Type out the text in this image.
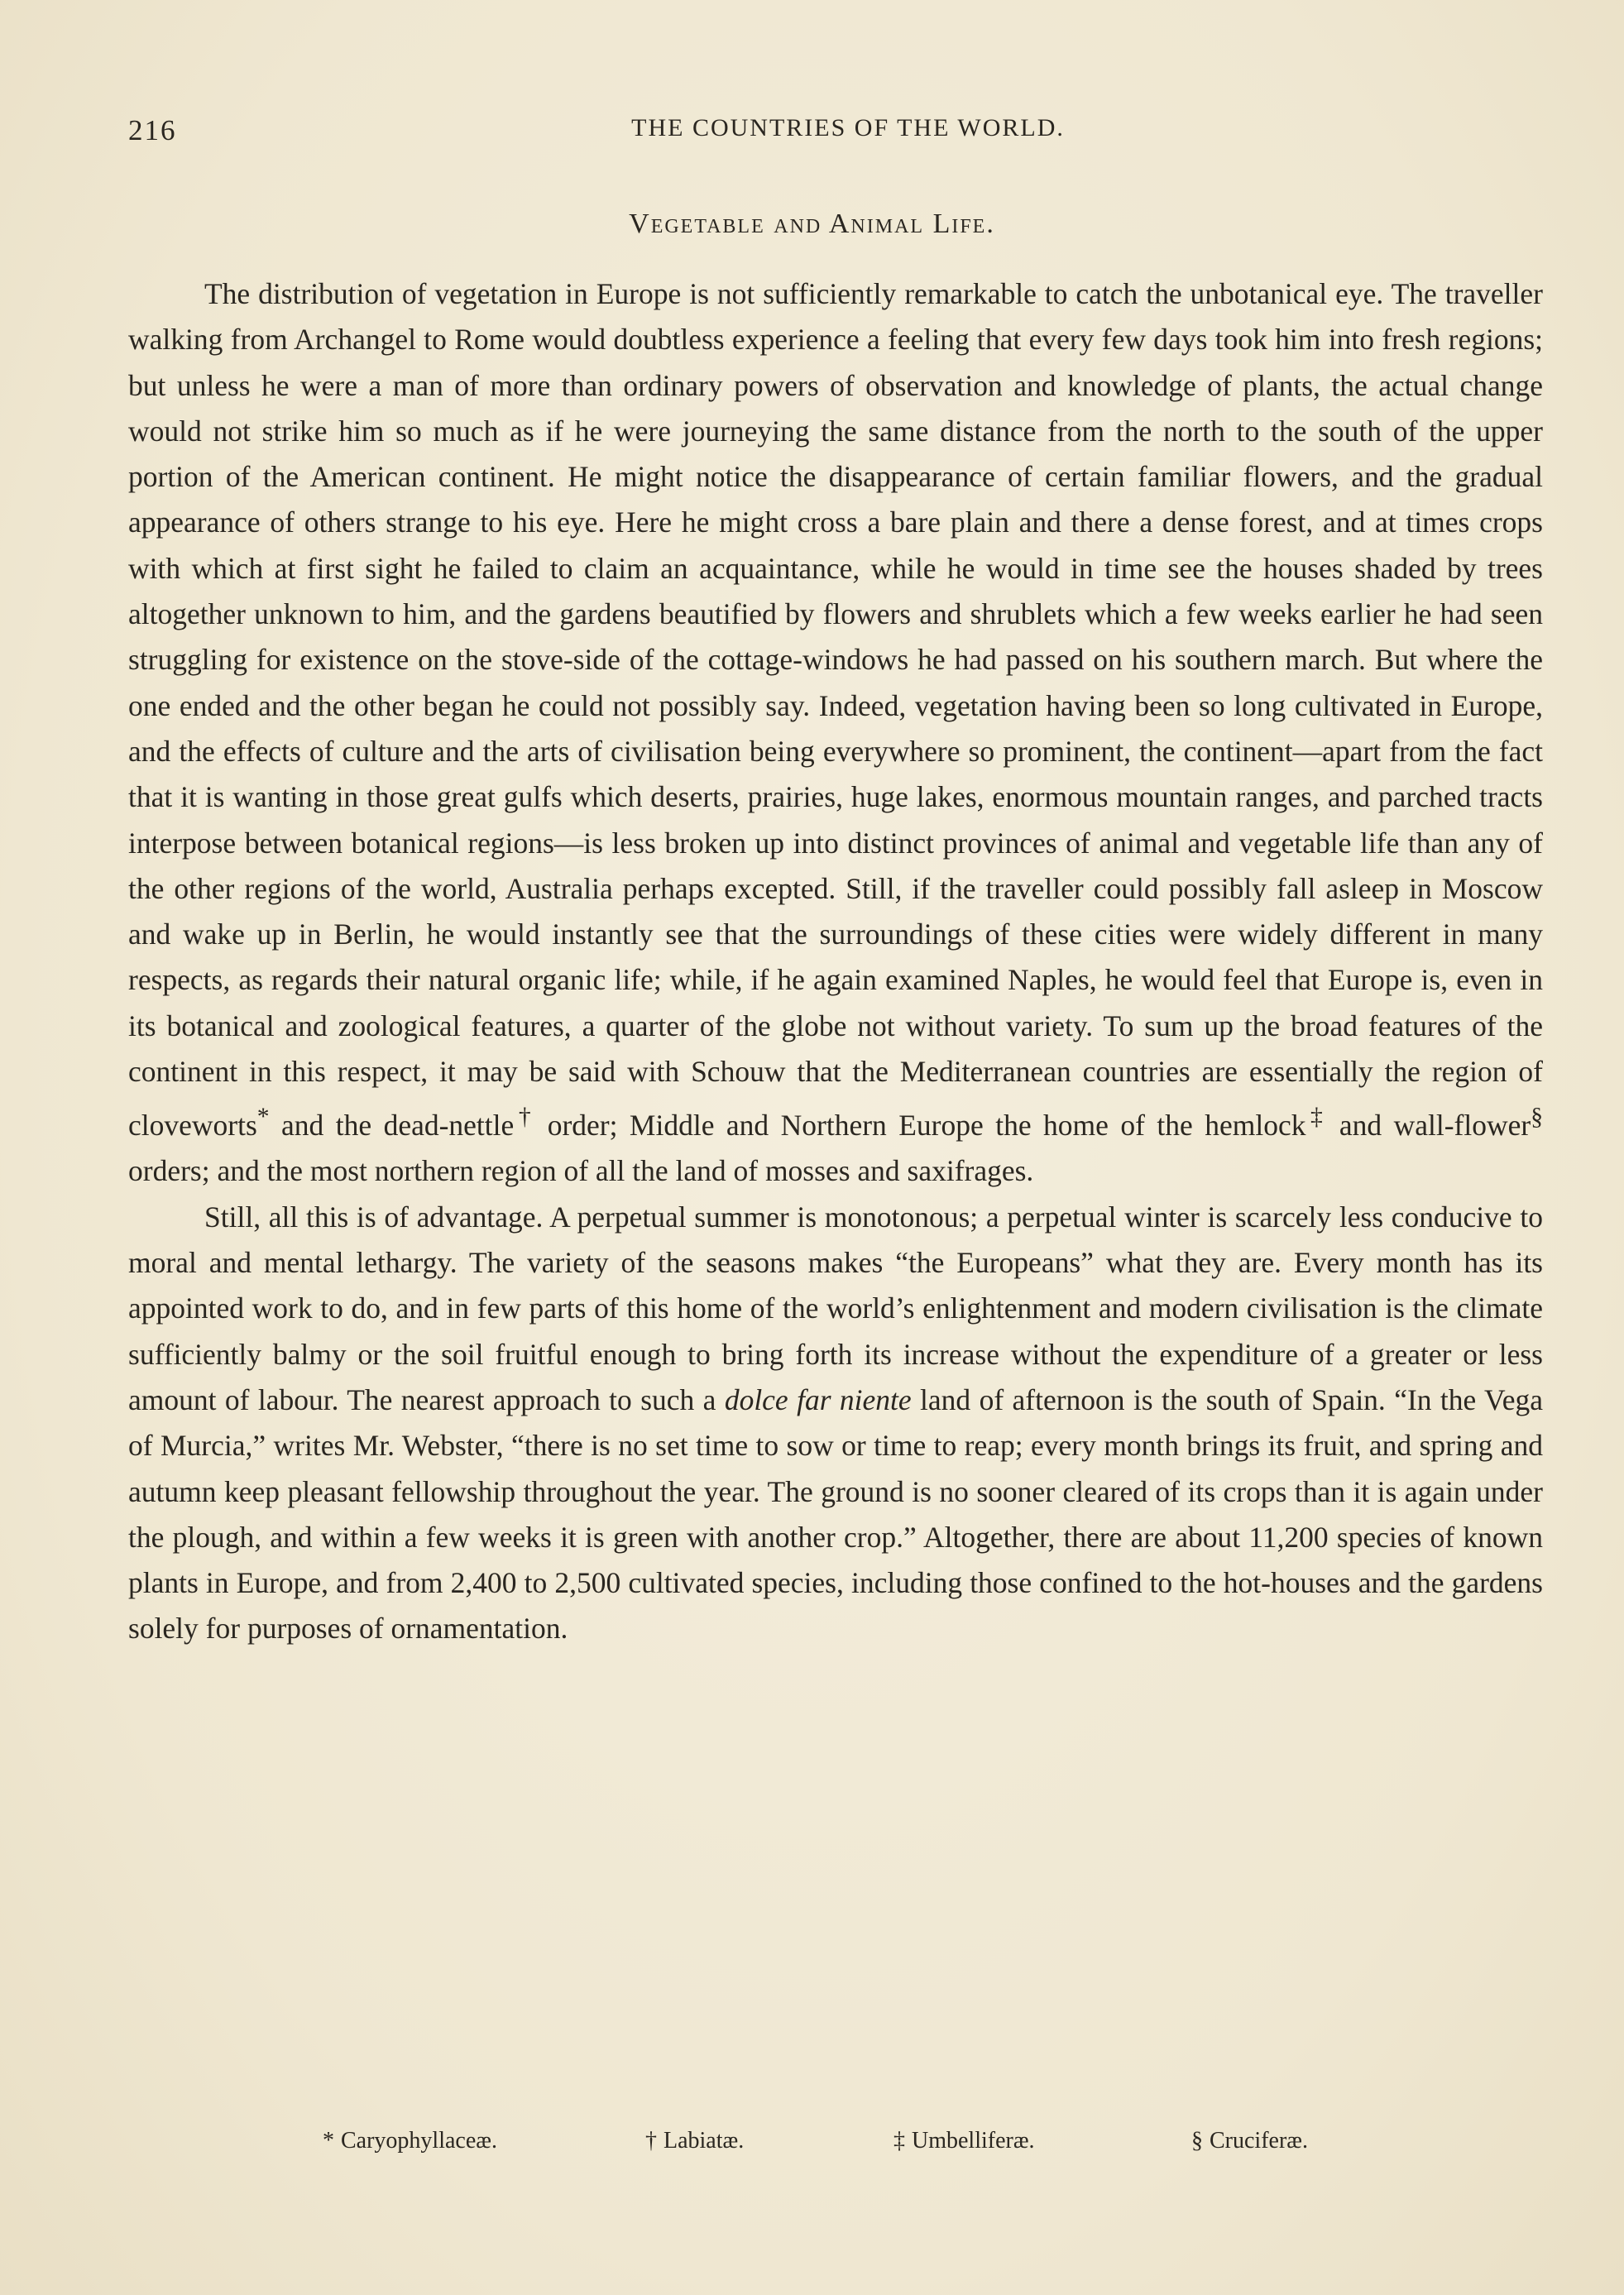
216	THE COUNTRIES OF THE WORLD.
Vegetable and Animal Life.

The distribution of vegetation in Europe is not sufficiently remarkable to catch the unbotanical eye. The traveller walking from Archangel to Rome would doubtless experience a feeling that every few days took him into fresh regions; but unless he were a man of more than ordinary powers of observation and knowledge of plants, the actual change would not strike him so much as if he were journeying the same distance from the north to the south of the upper portion of the American continent. He might notice the disappearance of certain familiar flowers, and the gradual appearance of others strange to his eye. Here he might cross a bare plain and there a dense forest, and at times crops with which at first sight he failed to claim an acquaintance, while he would in time see the houses shaded by trees altogether unknown to him, and the gardens beautified by flowers and shrublets which a few weeks earlier he had seen struggling for existence on the stove-side of the cottage-windows he had passed on his southern march. But where the one ended and the other began he could not possibly say. Indeed, vegetation having been so long cultivated in Europe, and the effects of culture and the arts of civilisation being everywhere so prominent, the continent—apart from the fact that it is wanting in those great gulfs which deserts, prairies, huge lakes, enormous mountain ranges, and parched tracts interpose between botanical regions—is less broken up into distinct provinces of animal and vegetable life than any of the other regions of the world, Australia perhaps excepted. Still, if the traveller could possibly fall asleep in Moscow and wake up in Berlin, he would instantly see that the surroundings of these cities were widely different in many respects, as regards their natural organic life; while, if he again examined Naples, he would feel that Europe is, even in its botanical and zoological features, a quarter of the globe not without variety. To sum up the broad features of the continent in this respect, it may be said with Schouw that the Mediterranean countries are essentially the region of cloveworts* and the dead-nettle† order; Middle and Northern Europe the home of the hemlock‡ and wall-flower§ orders; and the most northern region of all the land of mosses and saxifrages.

Still, all this is of advantage. A perpetual summer is monotonous; a perpetual winter is scarcely less conducive to moral and mental lethargy. The variety of the seasons makes “the Europeans” what they are. Every month has its appointed work to do, and in few parts of this home of the world’s enlightenment and modern civilisation is the climate sufficiently balmy or the soil fruitful enough to bring forth its increase without the expenditure of a greater or less amount of labour. The nearest approach to such a dolce far niente land of afternoon is the south of Spain. “In the Vega of Murcia,” writes Mr. Webster, “there is no set time to sow or time to reap; every month brings its fruit, and spring and autumn keep pleasant fellowship throughout the year. The ground is no sooner cleared of its crops than it is again under the plough, and within a few weeks it is green with another crop.” Altogether, there are about 11,200 species of known plants in Europe, and from 2,400 to 2,500 cultivated species, including those confined to the hot-houses and the gardens solely for purposes of ornamentation.

* Caryophyllaceæ.	† Labiatæ.	‡ Umbelliferæ.	§ Cruciferæ.
